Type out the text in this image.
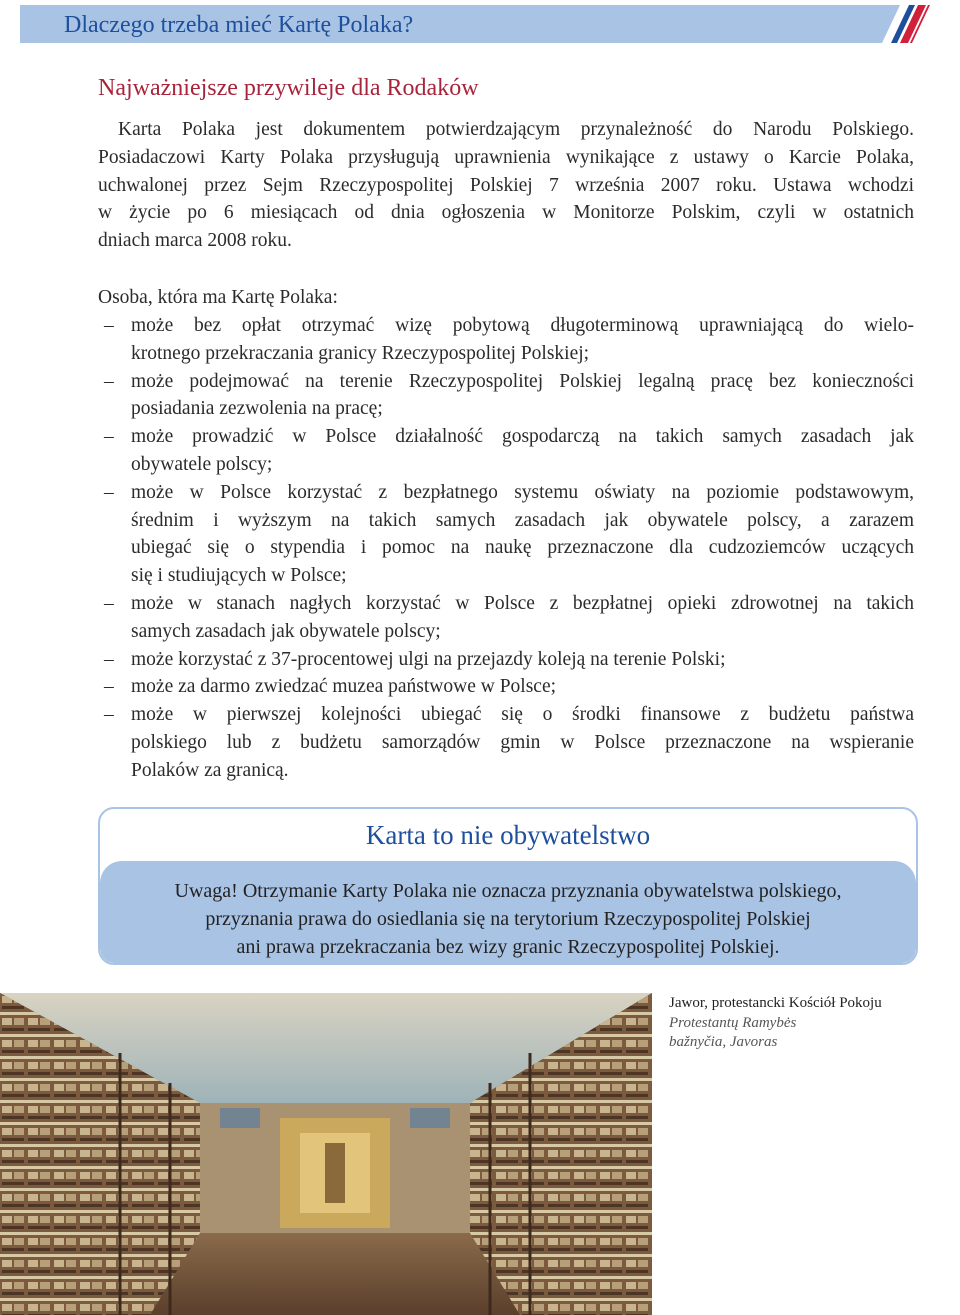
Dlaczego trzeba mieć Kartę Polaka?
Najważniejsze przywileje dla Rodaków

Karta Polaka jest dokumentem potwierdzającym przynależność do Narodu Polskiego.
Posiadaczowi Karty Polaka przysługują uprawnienia wynikające z ustawy o Karcie Polaka,
uchwalonej przez Sejm Rzeczypospolitej Polskiej 7 września 2007 roku. Ustawa wchodzi
w życie po 6 miesiącach od dnia ogłoszenia w Monitorze Polskim, czyli w ostatnich
dniach marca 2008 roku.

Osoba, która ma Kartę Polaka:
– może bez opłat otrzymać wizę pobytową długoterminową uprawniającą do wielo-
krotnego przekraczania granicy Rzeczypospolitej Polskiej;
– może podejmować na terenie Rzeczypospolitej Polskiej legalną pracę bez konieczności
posiadania zezwolenia na pracę;
– może prowadzić w Polsce działalność gospodarczą na takich samych zasadach jak
obywatele polscy;
– może w Polsce korzystać z bezpłatnego systemu oświaty na poziomie podstawowym,
średnim i wyższym na takich samych zasadach jak obywatele polscy, a zarazem
ubiegać się o stypendia i pomoc na naukę przeznaczone dla cudzoziemców uczących
się i studiujących w Polsce;
– może w stanach nagłych korzystać w Polsce z bezpłatnej opieki zdrowotnej na takich
samych zasadach jak obywatele polscy;
– może korzystać z 37-procentowej ulgi na przejazdy koleją na terenie Polski;
– może za darmo zwiedzać muzea państwowe w Polsce;
– może w pierwszej kolejności ubiegać się o środki finansowe z budżetu państwa
polskiego lub z budżetu samorządów gmin w Polsce przeznaczone na wspieranie
Polaków za granicą.
Karta to nie obywatelstwo
Uwaga! Otrzymanie Karty Polaka nie oznacza przyznania obywatelstwa polskiego,
przyznania prawa do osiedlania się na terytorium Rzeczypospolitej Polskiej
ani prawa przekraczania bez wizy granic Rzeczypospolitej Polskiej.
Jawor, protestancki Kościół Pokoju
Protestantų Ramybės
bažnyčia, Javoras
